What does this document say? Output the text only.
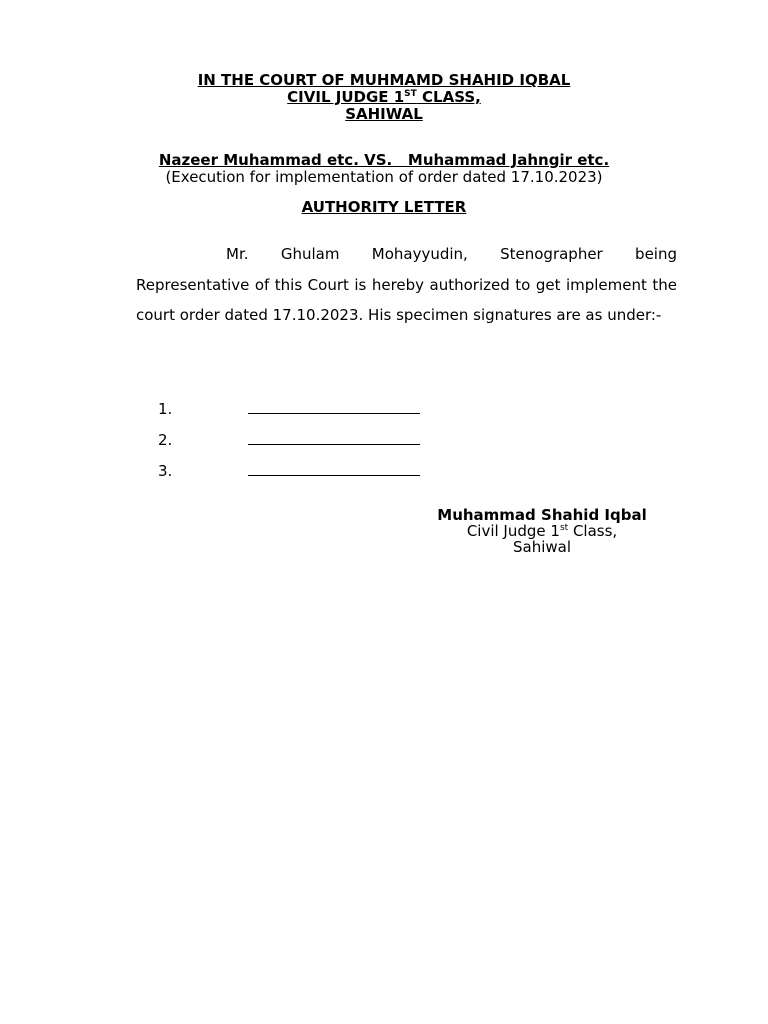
IN THE COURT OF MUHMAMD SHAHID IQBAL
CIVIL JUDGE 1ST CLASS,
SAHIWAL
Nazeer Muhammad etc. VS.   Muhammad Jahngir etc.
(Execution for implementation of order dated 17.10.2023)
AUTHORITY LETTER
Mr. Ghulam Mohayyudin, Stenographer being Representative of this Court is hereby authorized to get implement the court order dated 17.10.2023. His specimen signatures are as under:-
1.
2.
3.
Muhammad Shahid Iqbal
Civil Judge 1st Class,
Sahiwal
